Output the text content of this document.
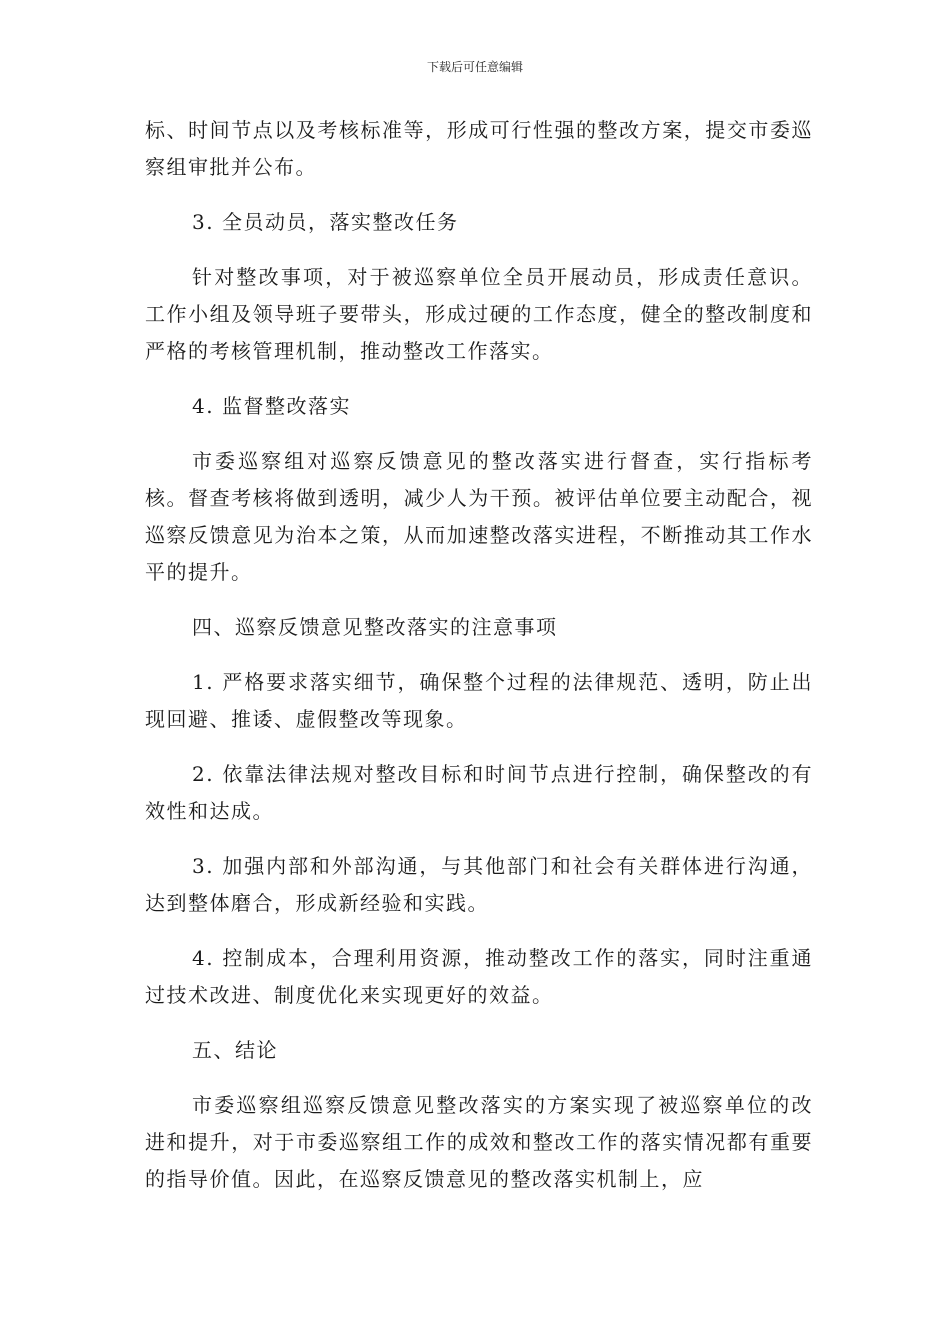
下载后可任意编辑

标、时间节点以及考核标准等，形成可行性强的整改方案，提交市委巡察组审批并公布。

3. 全员动员，落实整改任务

针对整改事项，对于被巡察单位全员开展动员，形成责任意识。工作小组及领导班子要带头，形成过硬的工作态度，健全的整改制度和严格的考核管理机制，推动整改工作落实。

4. 监督整改落实

市委巡察组对巡察反馈意见的整改落实进行督查，实行指标考核。督查考核将做到透明，减少人为干预。被评估单位要主动配合，视巡察反馈意见为治本之策，从而加速整改落实进程，不断推动其工作水平的提升。

四、巡察反馈意见整改落实的注意事项

1. 严格要求落实细节，确保整个过程的法律规范、透明，防止出现回避、推诿、虚假整改等现象。

2. 依靠法律法规对整改目标和时间节点进行控制，确保整改的有效性和达成。

3. 加强内部和外部沟通，与其他部门和社会有关群体进行沟通，达到整体磨合，形成新经验和实践。

4. 控制成本，合理利用资源，推动整改工作的落实，同时注重通过技术改进、制度优化来实现更好的效益。

五、结论

市委巡察组巡察反馈意见整改落实的方案实现了被巡察单位的改进和提升，对于市委巡察组工作的成效和整改工作的落实情况都有重要的指导价值。因此，在巡察反馈意见的整改落实机制上，应
